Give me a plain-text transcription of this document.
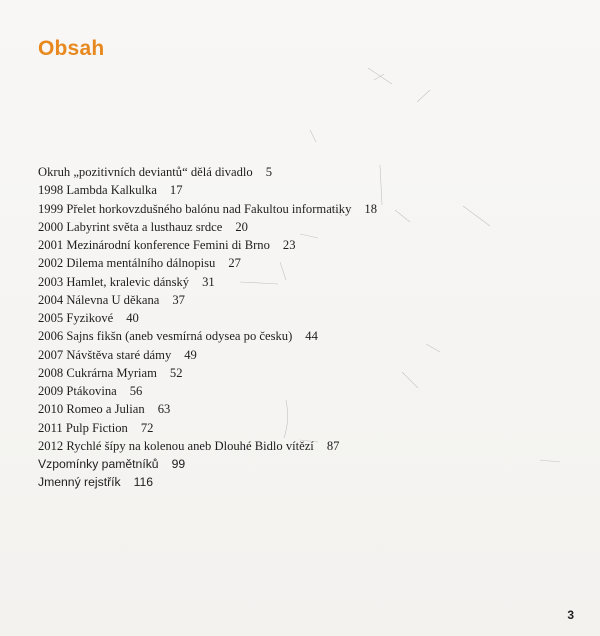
Obsah
Okruh „pozitivních deviantů“ dělá divadlo 5
1998 Lambda Kalkulka 17
1999 Přelet horkovzdušného balónu nad Fakultou informatiky 18
2000 Labyrint světa a lusthauz srdce 20
2001 Mezinárodní konference Femini di Brno 23
2002 Dilema mentálního dálnopisu 27
2003 Hamlet, kralevic dánský 31
2004 Nálevna U děkana 37
2005 Fyzikové 40
2006 Sajns fikšn (aneb vesmírná odysea po česku) 44
2007 Návštěva staré dámy 49
2008 Cukrárna Myriam 52
2009 Ptákovina 56
2010 Romeo a Julian 63
2011 Pulp Fiction 72
2012 Rychlé šípy na kolenou aneb Dlouhé Bidlo vítězí 87
Vzpomínky pamětníků 99
Jmenný rejstřík 116
3
